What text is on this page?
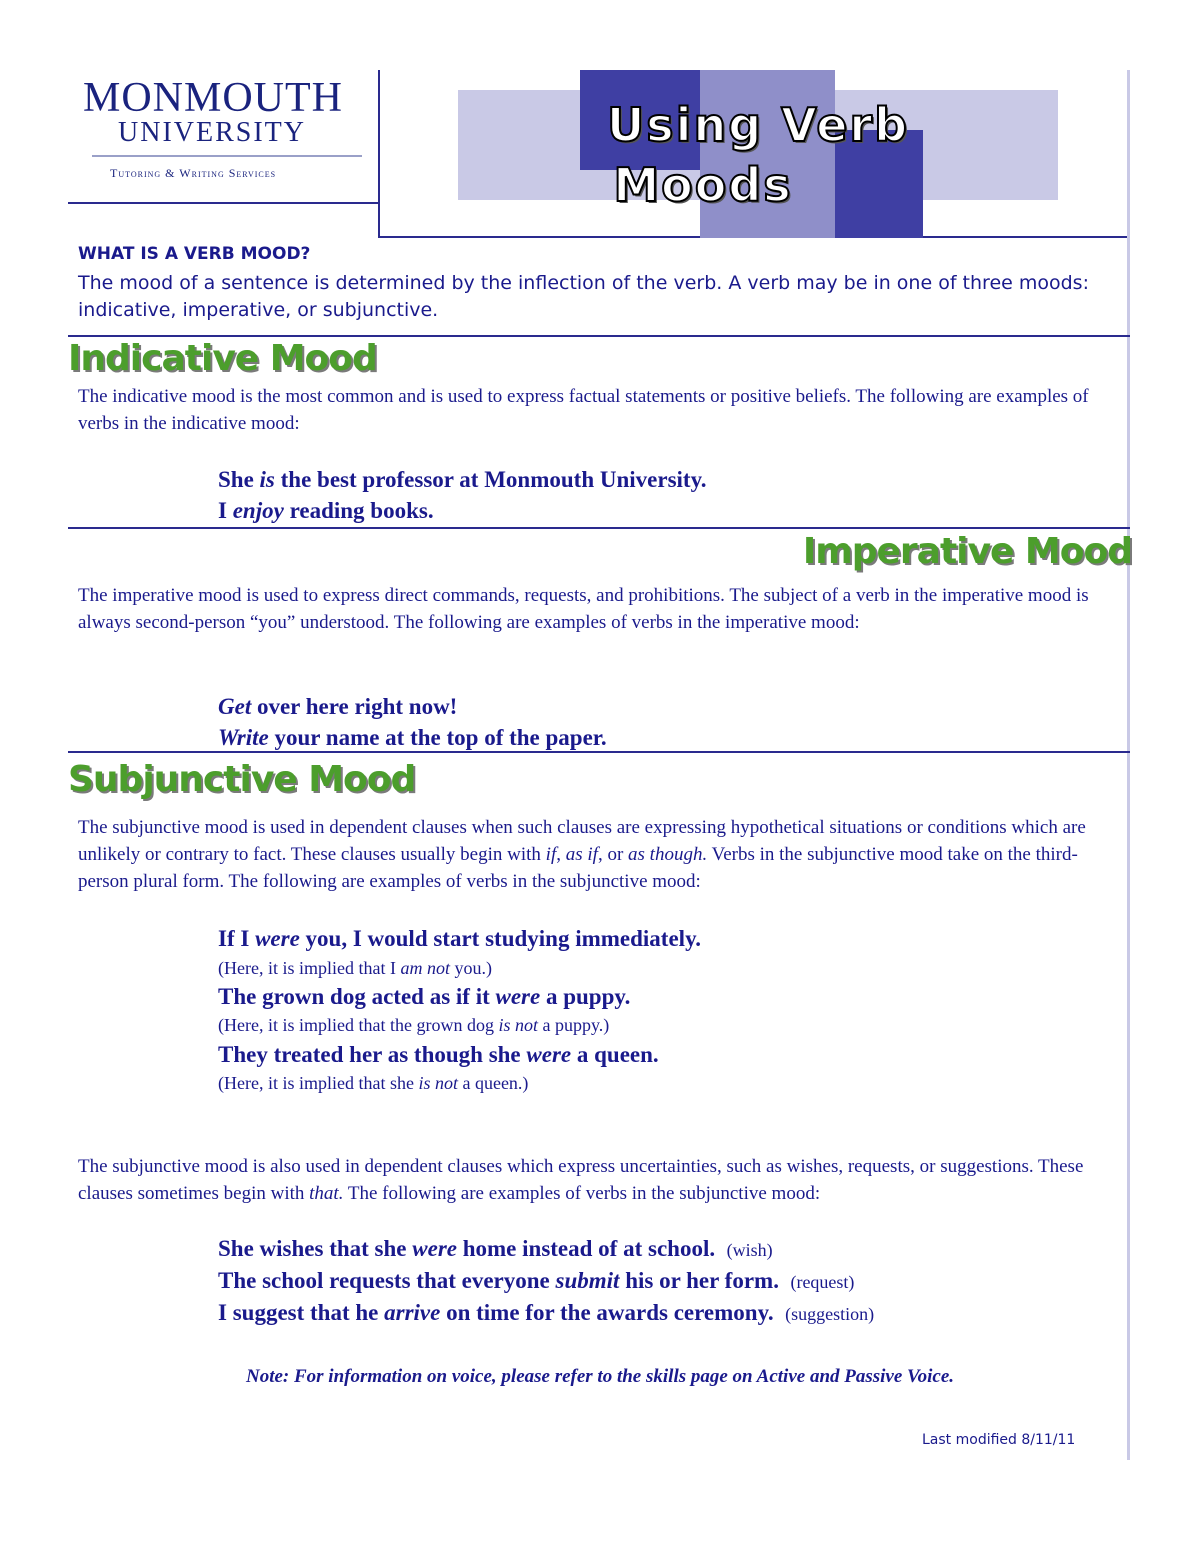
MONMOUTH
UNIVERSITY
Tutoring & Writing Services
Using Verb
Moods
WHAT IS A VERB MOOD?
The mood of a sentence is determined by the inflection of the verb. A verb may be in one of three moods: indicative, imperative, or subjunctive.
Indicative Mood
The indicative mood is the most common and is used to express factual statements or positive beliefs. The following are examples of verbs in the indicative mood:
She is the best professor at Monmouth University.
I enjoy reading books.
Imperative Mood
The imperative mood is used to express direct commands, requests, and prohibitions. The subject of a verb in the imperative mood is always second-person “you” understood. The following are examples of verbs in the imperative mood:
Get over here right now!
Write your name at the top of the paper.
Subjunctive Mood
The subjunctive mood is used in dependent clauses when such clauses are expressing hypothetical situations or conditions which are unlikely or contrary to fact. These clauses usually begin with if, as if, or as though. Verbs in the subjunctive mood take on the third-person plural form. The following are examples of verbs in the subjunctive mood:
If I were you, I would start studying immediately.
(Here, it is implied that I am not you.)
The grown dog acted as if it were a puppy.
(Here, it is implied that the grown dog is not a puppy.)
They treated her as though she were a queen.
(Here, it is implied that she is not a queen.)
The subjunctive mood is also used in dependent clauses which express uncertainties, such as wishes, requests, or suggestions. These clauses sometimes begin with that. The following are examples of verbs in the subjunctive mood:
She wishes that she were home instead of at school. (wish)
The school requests that everyone submit his or her form. (request)
I suggest that he arrive on time for the awards ceremony. (suggestion)
Note: For information on voice, please refer to the skills page on Active and Passive Voice.
Last modified 8/11/11
